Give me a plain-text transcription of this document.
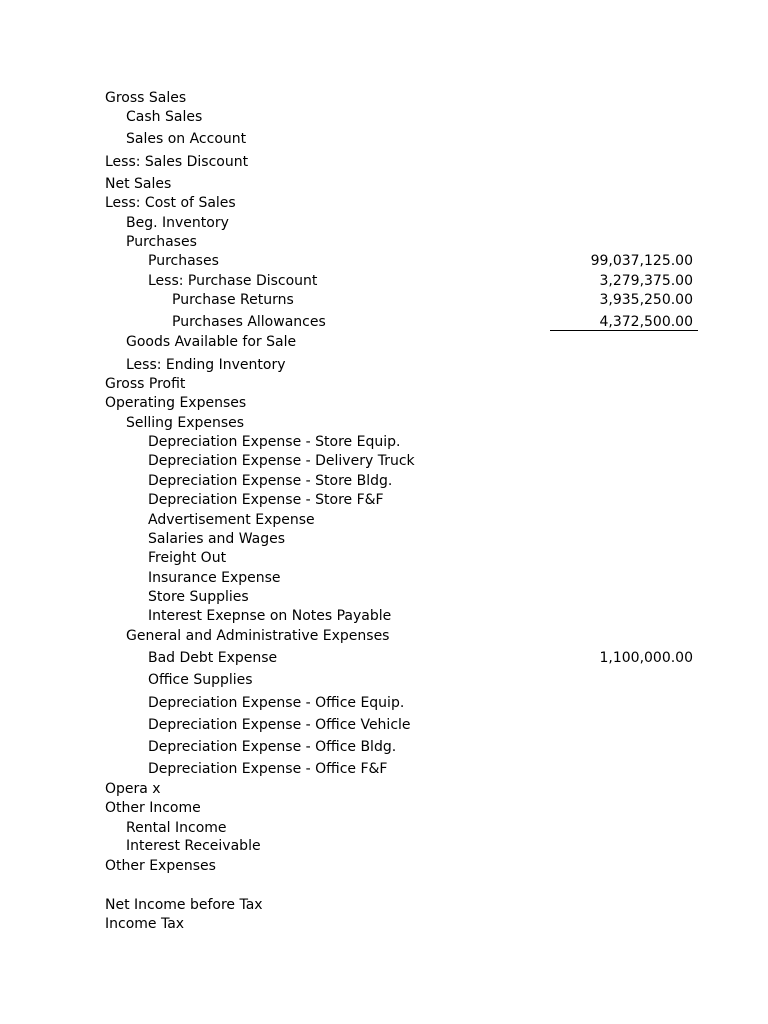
Gross Sales
Cash Sales
Sales on Account
Less: Sales Discount
Net Sales
Less: Cost of Sales
Beg. Inventory
Purchases
Purchases	99,037,125.00
Less: Purchase Discount	3,279,375.00
Purchase Returns	3,935,250.00
Purchases Allowances	4,372,500.00
Goods Available for Sale
Less: Ending Inventory
Gross Profit
Operating Expenses
Selling Expenses
Depreciation Expense - Store Equip.
Depreciation Expense - Delivery Truck
Depreciation Expense - Store Bldg.
Depreciation Expense - Store F&F
Advertisement Expense
Salaries and Wages
Freight Out
Insurance Expense
Store Supplies
Interest Exepnse on Notes Payable
General and Administrative Expenses
Bad Debt Expense	1,100,000.00
Office Supplies
Depreciation Expense - Office Equip.
Depreciation Expense - Office Vehicle
Depreciation Expense - Office Bldg.
Depreciation Expense - Office F&F
Opera x
Other Income
Rental Income
Interest Receivable
Other Expenses
Net Income before Tax
Income Tax
